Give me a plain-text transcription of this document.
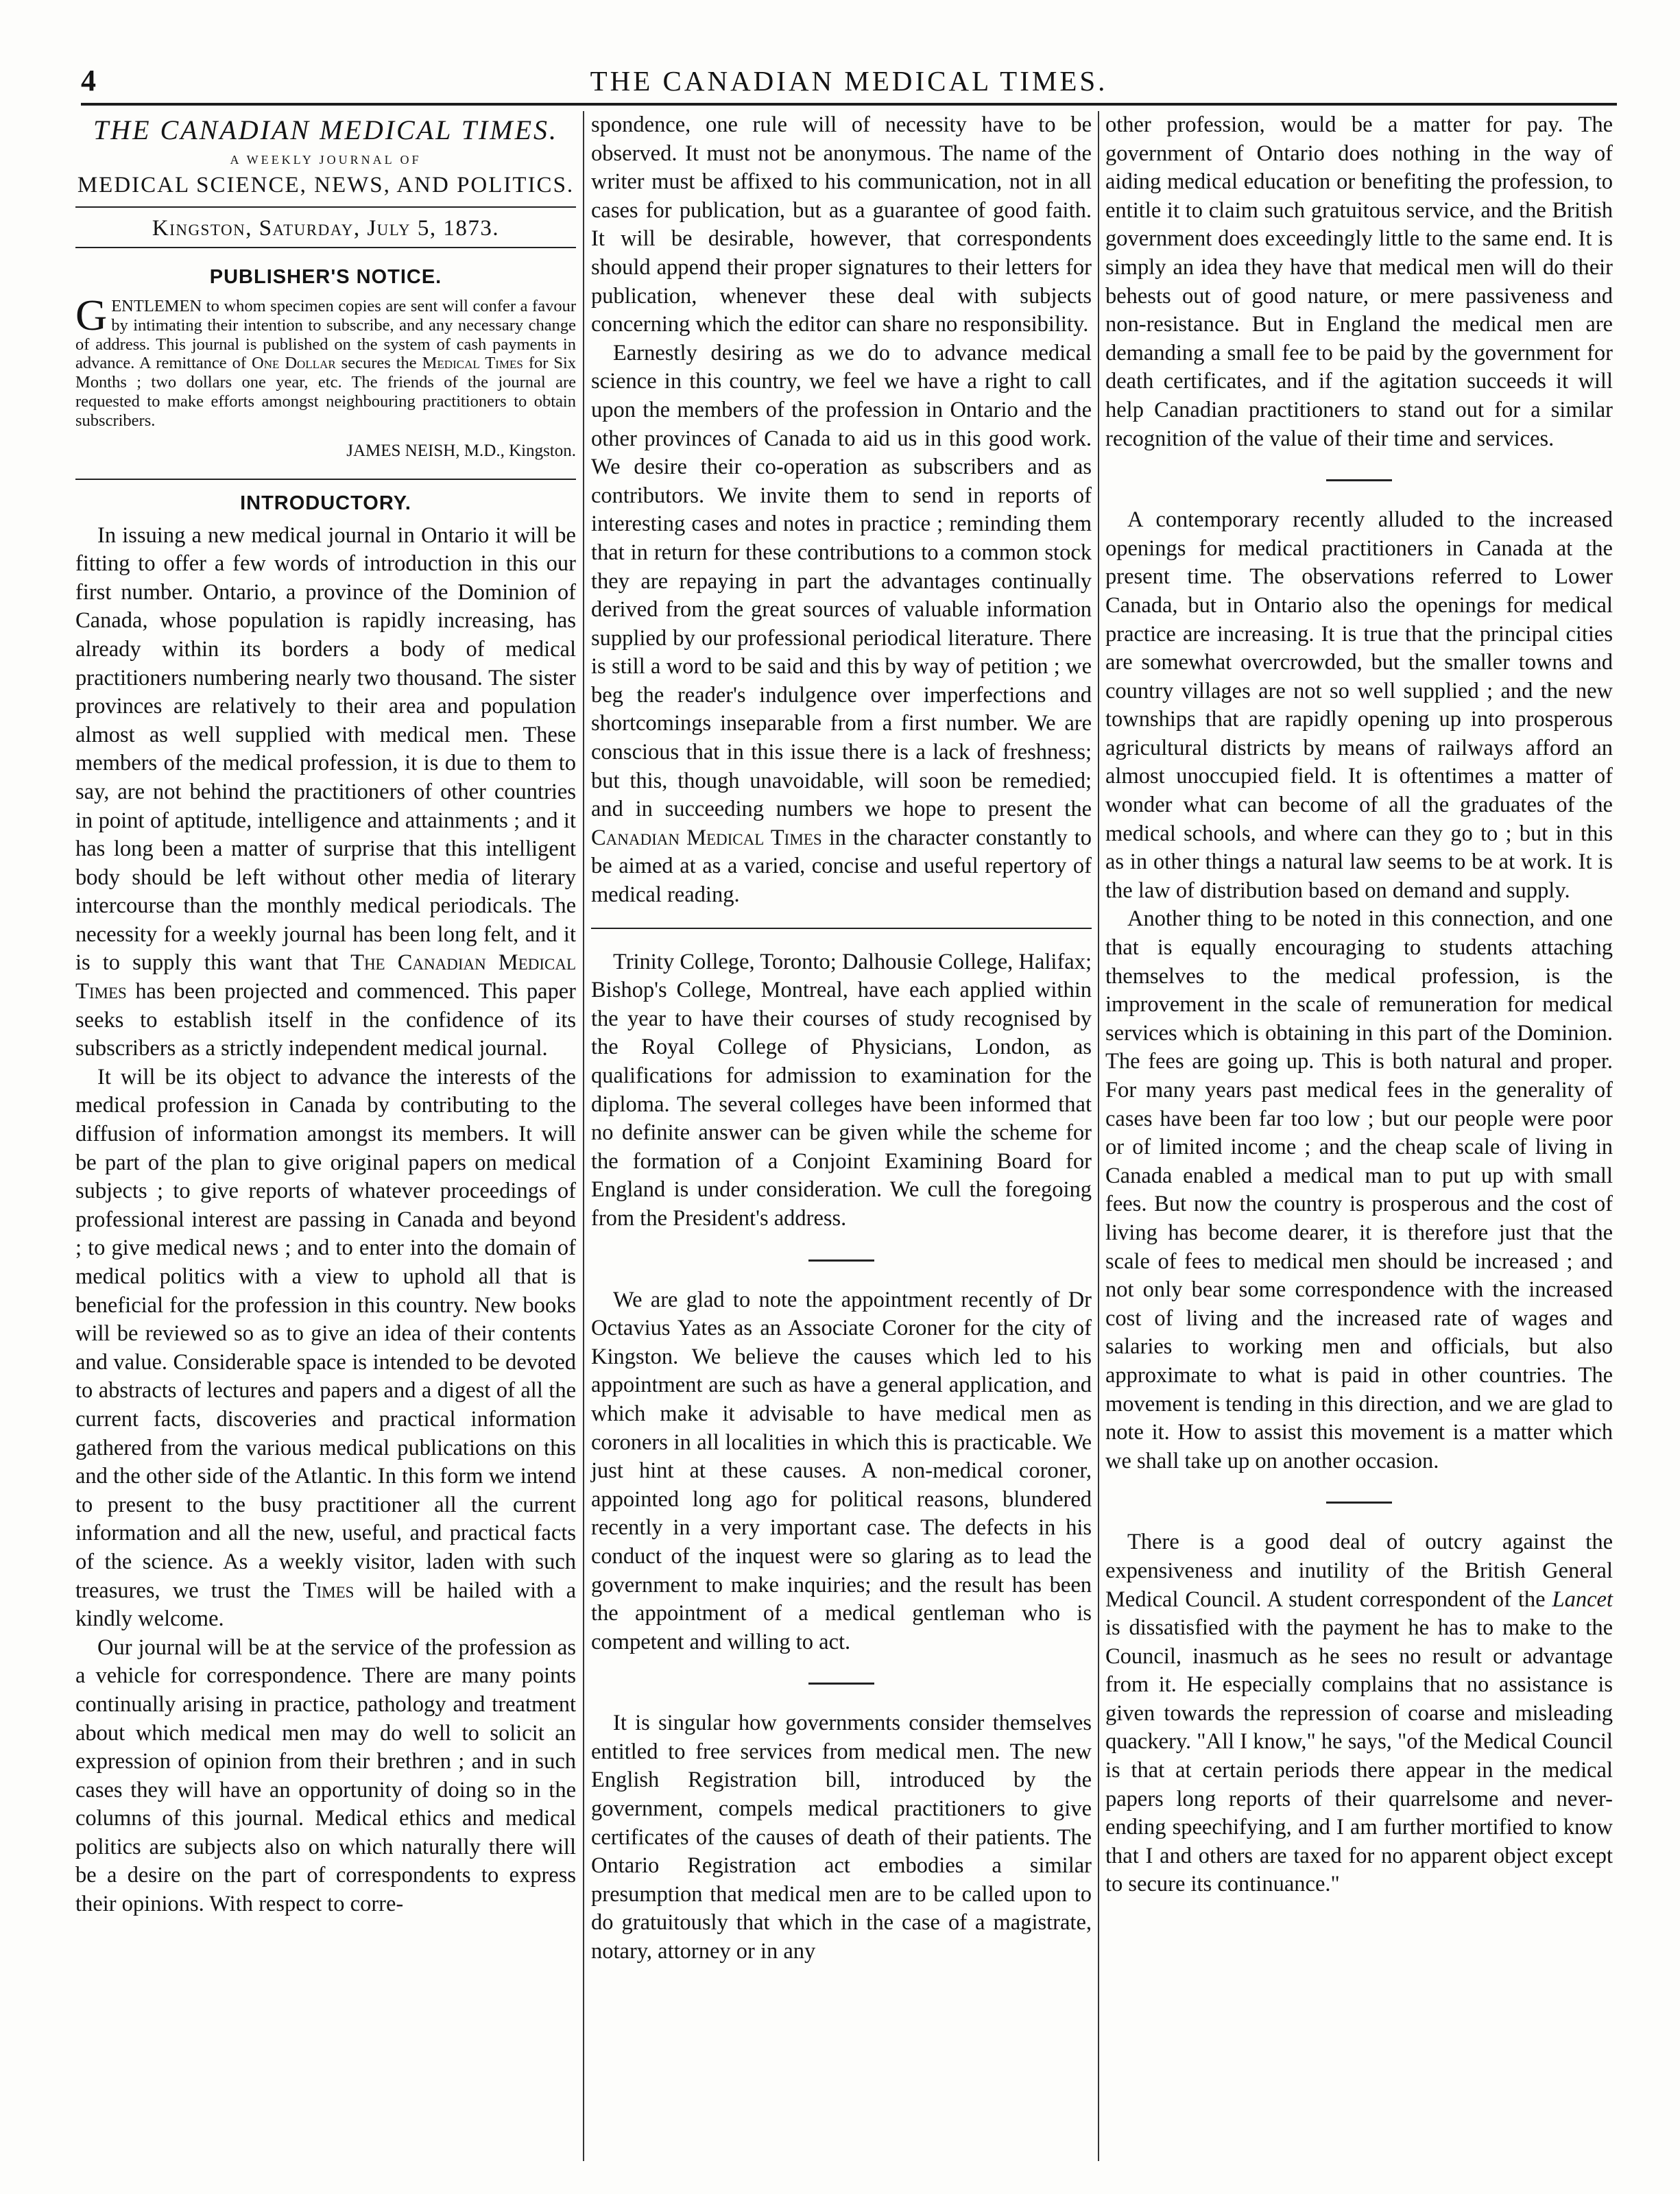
4	THE CANADIAN MEDICAL TIMES.
THE CANADIAN MEDICAL TIMES.
A WEEKLY JOURNAL OF
MEDICAL SCIENCE, NEWS, AND POLITICS.
Kingston, Saturday, July 5, 1873.
PUBLISHER'S NOTICE.

GENTLEMEN to whom specimen copies are sent will confer a favour by intimating their intention to subscribe, and any necessary change of address. This journal is published on the system of cash payments in advance. A remittance of One Dollar secures the Medical Times for Six Months ; two dollars one year, etc. The friends of the journal are requested to make efforts amongst neighbouring practitioners to obtain subscribers.

JAMES NEISH, M.D., Kingston.
INTRODUCTORY.

In issuing a new medical journal in Ontario it will be fitting to offer a few words of introduction in this our first number. Ontario, a province of the Dominion of Canada, whose population is rapidly increasing, has already within its borders a body of medical practitioners numbering nearly two thousand. The sister provinces are relatively to their area and population almost as well supplied with medical men. These members of the medical profession, it is due to them to say, are not behind the practitioners of other countries in point of aptitude, intelligence and attainments ; and it has long been a matter of surprise that this intelligent body should be left without other media of literary intercourse than the monthly medical periodicals. The necessity for a weekly journal has been long felt, and it is to supply this want that The Canadian Medical Times has been projected and commenced. This paper seeks to establish itself in the confidence of its subscribers as a strictly independent medical journal.

It will be its object to advance the interests of the medical profession in Canada by contributing to the diffusion of information amongst its members. It will be part of the plan to give original papers on medical subjects ; to give reports of whatever proceedings of professional interest are passing in Canada and beyond ; to give medical news ; and to enter into the domain of medical politics with a view to uphold all that is beneficial for the profession in this country. New books will be reviewed so as to give an idea of their contents and value. Considerable space is intended to be devoted to abstracts of lectures and papers and a digest of all the current facts, discoveries and practical information gathered from the various medical publications on this and the other side of the Atlantic. In this form we intend to present to the busy practitioner all the current information and all the new, useful, and practical facts of the science. As a weekly visitor, laden with such treasures, we trust the Times will be hailed with a kindly welcome.

Our journal will be at the service of the profession as a vehicle for correspondence. There are many points continually arising in practice, pathology and treatment about which medical men may do well to solicit an expression of opinion from their brethren ; and in such cases they will have an opportunity of doing so in the columns of this journal. Medical ethics and medical politics are subjects also on which naturally there will be a desire on the part of correspondents to express their opinions. With respect to corre-

spondence, one rule will of necessity have to be observed. It must not be anonymous. The name of the writer must be affixed to his communication, not in all cases for publication, but as a guarantee of good faith. It will be desirable, however, that correspondents should append their proper signatures to their letters for publication, whenever these deal with subjects concerning which the editor can share no responsibility.

Earnestly desiring as we do to advance medical science in this country, we feel we have a right to call upon the members of the profession in Ontario and the other provinces of Canada to aid us in this good work. We desire their co-operation as subscribers and as contributors. We invite them to send in reports of interesting cases and notes in practice ; reminding them that in return for these contributions to a common stock they are repaying in part the advantages continually derived from the great sources of valuable information supplied by our professional periodical literature. There is still a word to be said and this by way of petition ; we beg the reader's indulgence over imperfections and shortcomings inseparable from a first number. We are conscious that in this issue there is a lack of freshness; but this, though unavoidable, will soon be remedied; and in succeeding numbers we hope to present the Canadian Medical Times in the character constantly to be aimed at as a varied, concise and useful repertory of medical reading.

Trinity College, Toronto; Dalhousie College, Halifax; Bishop's College, Montreal, have each applied within the year to have their courses of study recognised by the Royal College of Physicians, London, as qualifications for admission to examination for the diploma. The several colleges have been informed that no definite answer can be given while the scheme for the formation of a Conjoint Examining Board for England is under consideration. We cull the foregoing from the President's address.

We are glad to note the appointment recently of Dr Octavius Yates as an Associate Coroner for the city of Kingston. We believe the causes which led to his appointment are such as have a general application, and which make it advisable to have medical men as coroners in all localities in which this is practicable. We just hint at these causes. A non-medical coroner, appointed long ago for political reasons, blundered recently in a very important case. The defects in his conduct of the inquest were so glaring as to lead the government to make inquiries; and the result has been the appointment of a medical gentleman who is competent and willing to act.

It is singular how governments consider themselves entitled to free services from medical men. The new English Registration bill, introduced by the government, compels medical practitioners to give certificates of the causes of death of their patients. The Ontario Registration act embodies a similar presumption that medical men are to be called upon to do gratuitously that which in the case of a magistrate, notary, attorney or in any

other profession, would be a matter for pay. The government of Ontario does nothing in the way of aiding medical education or benefiting the profession, to entitle it to claim such gratuitous service, and the British government does exceedingly little to the same end. It is simply an idea they have that medical men will do their behests out of good nature, or mere passiveness and non-resistance. But in England the medical men are demanding a small fee to be paid by the government for death certificates, and if the agitation succeeds it will help Canadian practitioners to stand out for a similar recognition of the value of their time and services.

A contemporary recently alluded to the increased openings for medical practitioners in Canada at the present time. The observations referred to Lower Canada, but in Ontario also the openings for medical practice are increasing. It is true that the principal cities are somewhat overcrowded, but the smaller towns and country villages are not so well supplied ; and the new townships that are rapidly opening up into prosperous agricultural districts by means of railways afford an almost unoccupied field. It is oftentimes a matter of wonder what can become of all the graduates of the medical schools, and where can they go to ; but in this as in other things a natural law seems to be at work. It is the law of distribution based on demand and supply.

Another thing to be noted in this connection, and one that is equally encouraging to students attaching themselves to the medical profession, is the improvement in the scale of remuneration for medical services which is obtaining in this part of the Dominion. The fees are going up. This is both natural and proper. For many years past medical fees in the generality of cases have been far too low ; but our people were poor or of limited income ; and the cheap scale of living in Canada enabled a medical man to put up with small fees. But now the country is prosperous and the cost of living has become dearer, it is therefore just that the scale of fees to medical men should be increased ; and not only bear some correspondence with the increased cost of living and the increased rate of wages and salaries to working men and officials, but also approximate to what is paid in other countries. The movement is tending in this direction, and we are glad to note it. How to assist this movement is a matter which we shall take up on another occasion.

There is a good deal of outcry against the expensiveness and inutility of the British General Medical Council. A student correspondent of the Lancet is dissatisfied with the payment he has to make to the Council, inasmuch as he sees no result or advantage from it. He especially complains that no assistance is given towards the repression of coarse and misleading quackery. "All I know," he says, "of the Medical Council is that at certain periods there appear in the medical papers long reports of their quarrelsome and never-ending speechifying, and I am further mortified to know that I and others are taxed for no apparent object except to secure its continuance."
